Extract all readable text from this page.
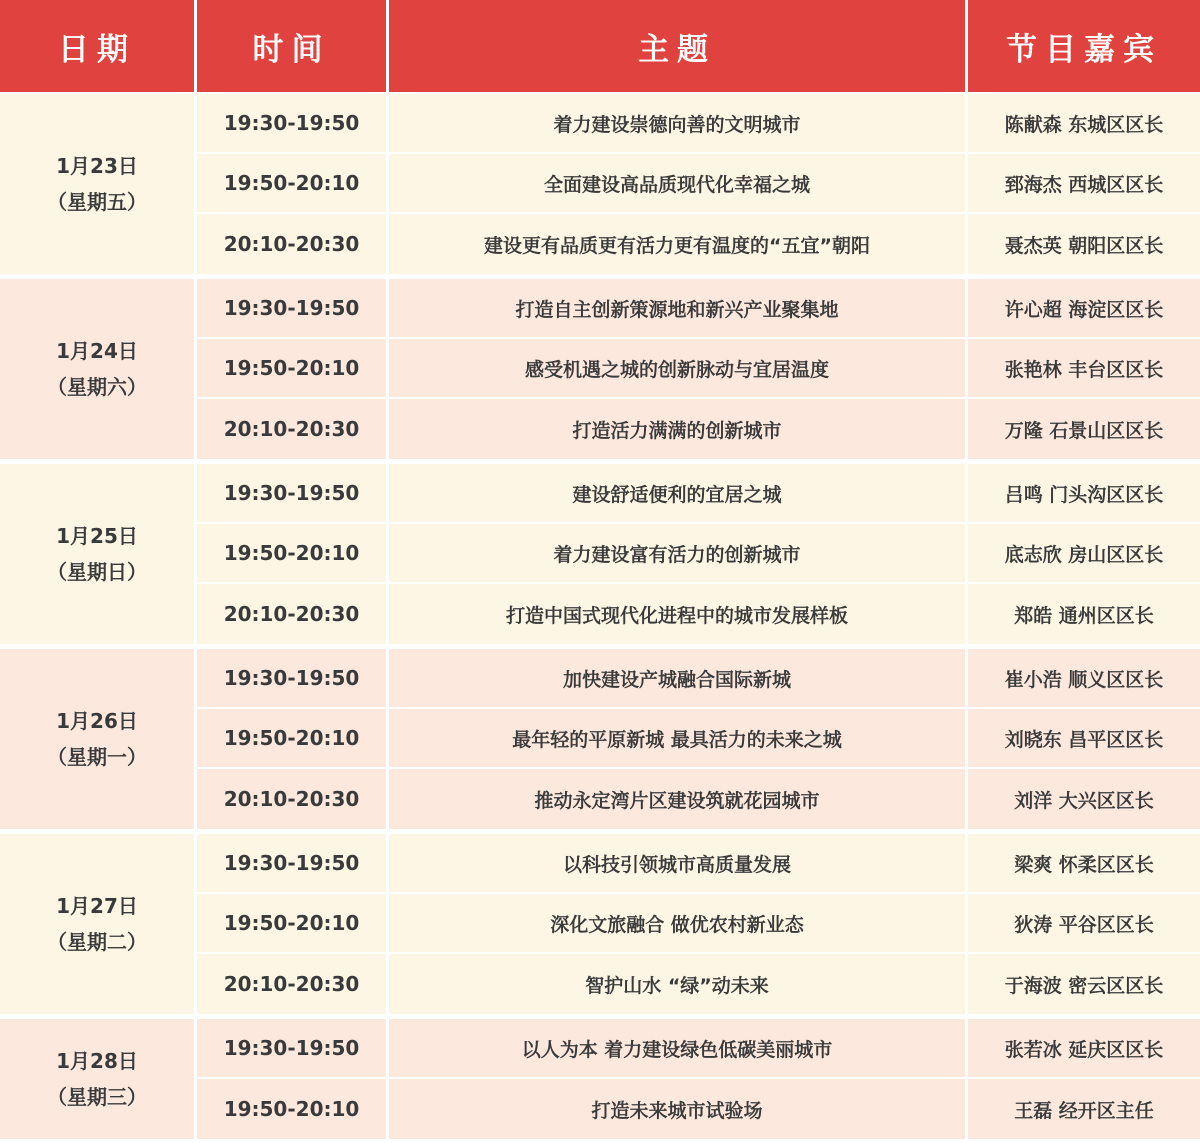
日期	时间	主题	节目嘉宾
1月23日
（星期五）
19:30-19:50	着力建设崇德向善的文明城市	陈献森 东城区区长
19:50-20:10	全面建设高品质现代化幸福之城	郅海杰 西城区区长
20:10-20:30	建设更有品质更有活力更有温度的“五宜”朝阳	聂杰英 朝阳区区长
1月24日
（星期六）
19:30-19:50	打造自主创新策源地和新兴产业聚集地	许心超 海淀区区长
19:50-20:10	感受机遇之城的创新脉动与宜居温度	张艳林 丰台区区长
20:10-20:30	打造活力满满的创新城市	万隆 石景山区区长
1月25日
（星期日）
19:30-19:50	建设舒适便利的宜居之城	吕鸣 门头沟区区长
19:50-20:10	着力建设富有活力的创新城市	底志欣 房山区区长
20:10-20:30	打造中国式现代化进程中的城市发展样板	郑皓 通州区区长
1月26日
（星期一）
19:30-19:50	加快建设产城融合国际新城	崔小浩 顺义区区长
19:50-20:10	最年轻的平原新城 最具活力的未来之城	刘晓东 昌平区区长
20:10-20:30	推动永定湾片区建设筑就花园城市	刘洋 大兴区区长
1月27日
（星期二）
19:30-19:50	以科技引领城市高质量发展	梁爽 怀柔区区长
19:50-20:10	深化文旅融合 做优农村新业态	狄涛 平谷区区长
20:10-20:30	智护山水 “绿”动未来	于海波 密云区区长
1月28日
（星期三）
19:30-19:50	以人为本 着力建设绿色低碳美丽城市	张若冰 延庆区区长
19:50-20:10	打造未来城市试验场	王磊 经开区主任
